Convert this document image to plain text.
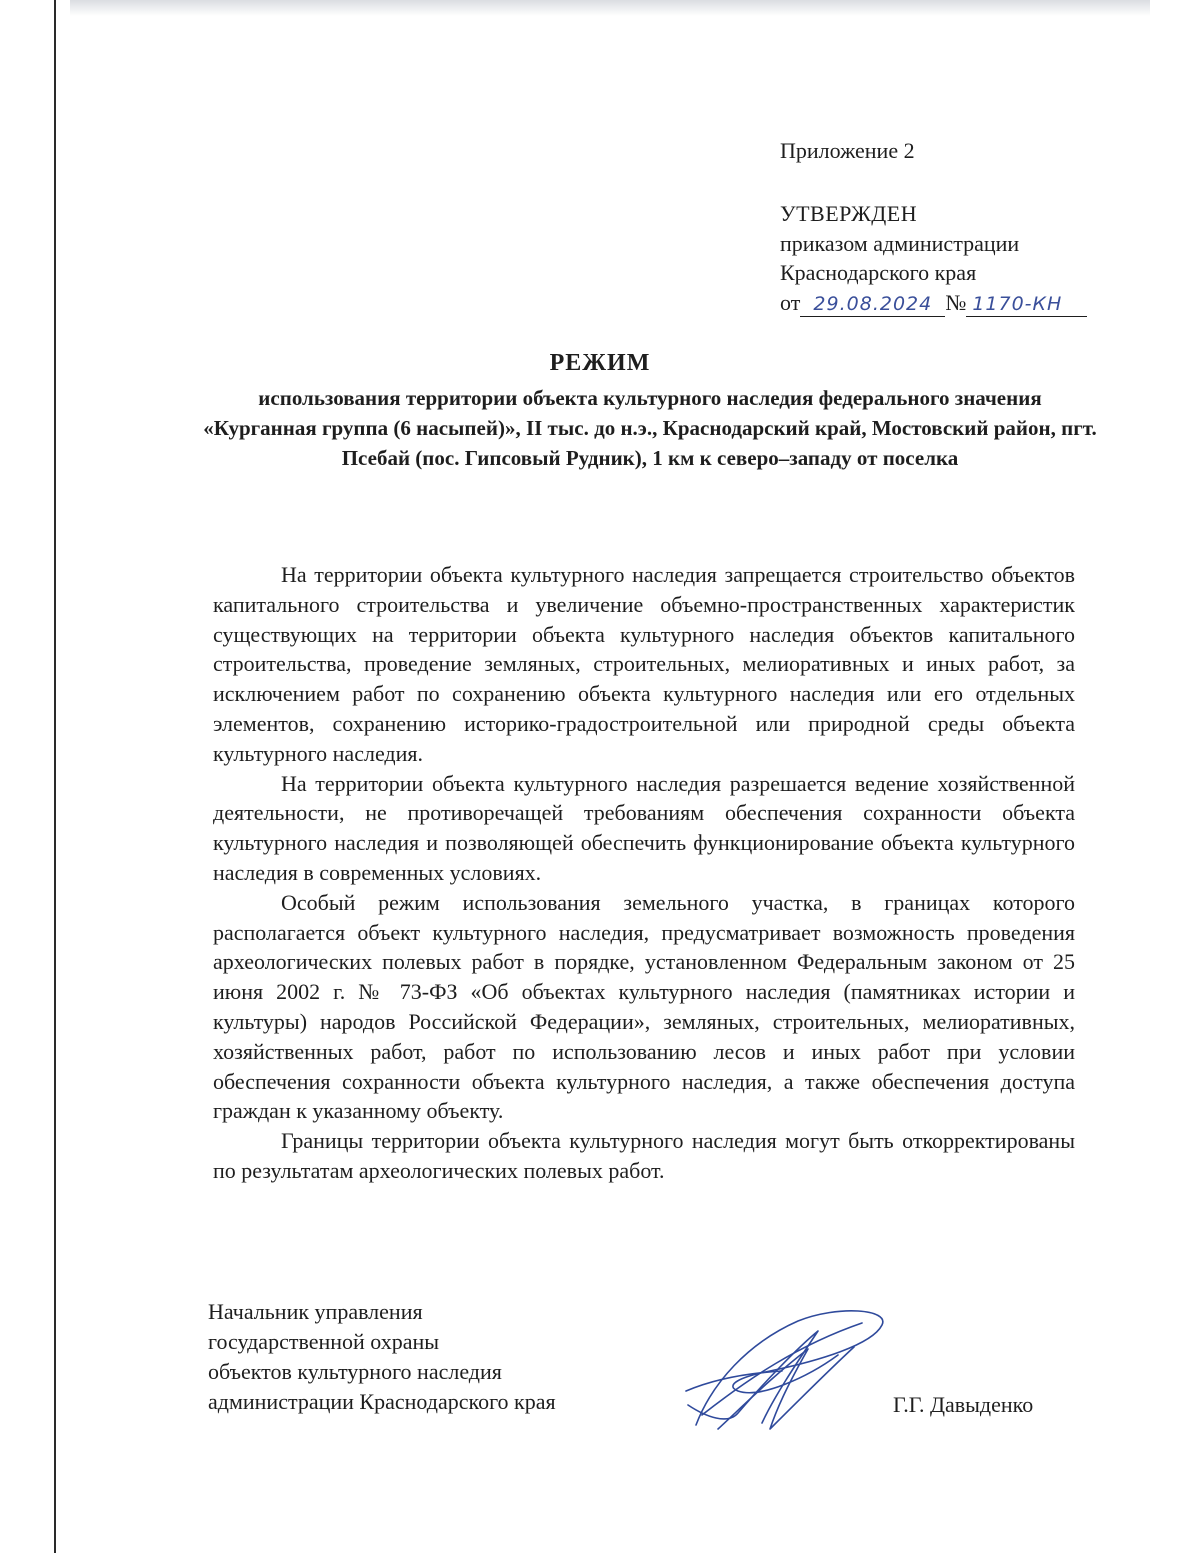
Приложение 2
УТВЕРЖДЕН
приказом администрации
Краснодарского края
от 29.08.2024 № 1170-КН
РЕЖИМ
использования территории объекта культурного наследия федерального значения «Курганная группа (6 насыпей)», II тыс. до н.э., Краснодарский край, Мостовский район, пгт. Псебай (пос. Гипсовый Рудник), 1 км к северо–западу от поселка

На территории объекта культурного наследия запрещается строительство объектов капитального строительства и увеличение объемно-пространственных характеристик существующих на территории объекта культурного наследия объектов капитального строительства, проведение земляных, строительных, мелиоративных и иных работ, за исключением работ по сохранению объекта культурного наследия или его отдельных элементов, сохранению историко-градостроительной или природной среды объекта культурного наследия.

На территории объекта культурного наследия разрешается ведение хозяйственной деятельности, не противоречащей требованиям обеспечения сохранности объекта культурного наследия и позволяющей обеспечить функционирование объекта культурного наследия в современных условиях.

Особый режим использования земельного участка, в границах которого располагается объект культурного наследия, предусматривает возможность проведения археологических полевых работ в порядке, установленном Федеральным законом от 25 июня 2002 г. № 73-ФЗ «Об объектах культурного наследия (памятниках истории и культуры) народов Российской Федерации», земляных, строительных, мелиоративных, хозяйственных работ, работ по использованию лесов и иных работ при условии обеспечения сохранности объекта культурного наследия, а также обеспечения доступа граждан к указанному объекту.

Границы территории объекта культурного наследия могут быть откорректированы по результатам археологических полевых работ.

Начальник управления
государственной охраны
объектов культурного наследия
администрации Краснодарского края	Г.Г. Давыденко
